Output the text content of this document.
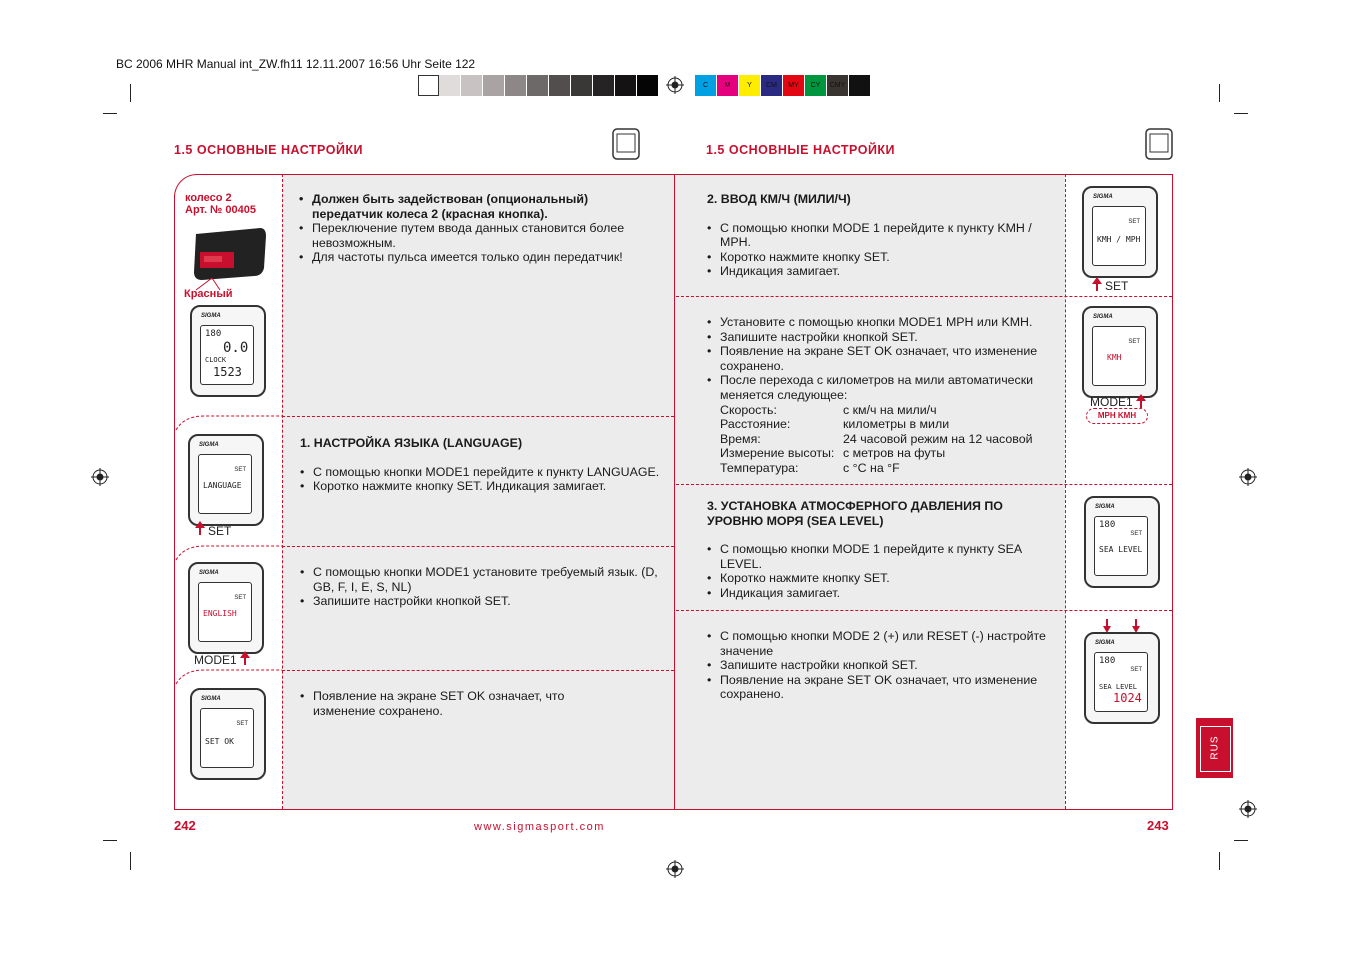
BC 2006 MHR Manual int_ZW.fh11 12.11.2007 16:56 Uhr Seite 122
C	M	Y	CM	MY	CY	CMY	K
1.5 ОСНОВНЫЕ НАСТРОЙКИ	1.5 ОСНОВНЫЕ НАСТРОЙКИ
колесо 2
Арт. № 00405
Красный
SIGMA
180
0.0
CLOCK
1523
• Должен быть задействован (опциональный)
передатчик колеса 2 (красная кнопка).
• Переключение путем ввода данных становится более невозможным.
• Для частоты пульса имеется только один передатчик!
SIGMA
SET
LANGUAGE
SET
1. НАСТРОЙКА ЯЗЫКА (LANGUAGE)
• С помощью кнопки MODE1 перейдите к пункту LANGUAGE.
• Коротко нажмите кнопку SET. Индикация замигает.
SIGMA
SET
ENGLISH
MODE1
• С помощью кнопки MODE1 установите требуемый язык. (D, GB, F, I, E, S, NL)
• Запишите настройки кнопкой SET.
SIGMA
SET
SET OK
• Появление на экране SET OK означает, что изменение сохранено.
2. ВВОД КМ/Ч (МИЛИ/Ч)
• С помощью кнопки MODE 1 перейдите к пункту KMH / MPH.
• Коротко нажмите кнопку SET.
• Индикация замигает.
SIGMA
SET
KMH / MPH
SET
• Установите с помощью кнопки MODE1 MPH или KMH.
• Запишите настройки кнопкой SET.
• Появление на экране SET OK означает, что изменение сохранено.
• После перехода с километров на мили автоматически меняется следующее:
Скорость:	с км/ч на мили/ч
Расстояние:	километры в мили
Время:	24 часовой режим на 12 часовой
Измерение высоты: с метров на футы
Температура:	с °С на °F
SIGMA
SET
KMH
MODE1
MPH KMH
3. УСТАНОВКА АТМОСФЕРНОГО ДАВЛЕНИЯ ПО УРОВНЮ МОРЯ (SEA LEVEL)
• С помощью кнопки MODE 1 перейдите к пункту SEA LEVEL.
• Коротко нажмите кнопку SET.
• Индикация замигает.
SIGMA
180
SET
SEA LEVEL
• С помощью кнопки MODE 2 (+) или RESET (-) настройте значение
• Запишите настройки кнопкой SET.
• Появление на экране SET OK означает, что изменение сохранено.
SIGMA
180
SET
SEA LEVEL
1024
RUS
242	www.sigmasport.com	243
